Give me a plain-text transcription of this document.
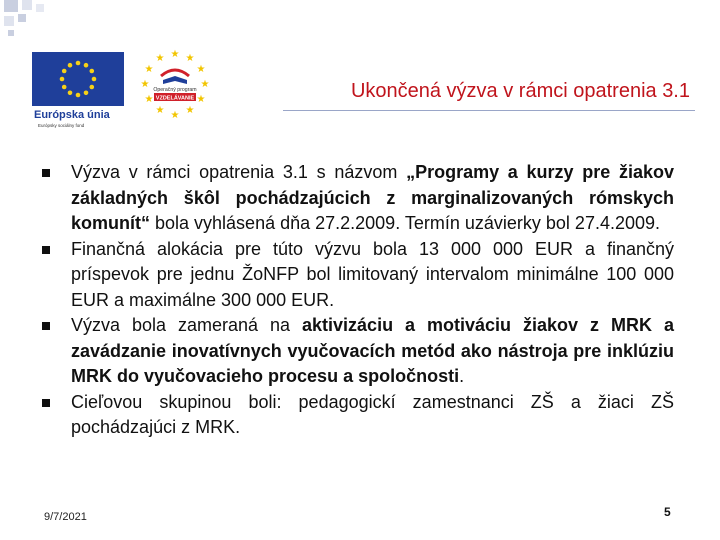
Európska únia
Európsky sociálny fond
★ ★
★
★
★
★
★
★
★
★
★
★
Operačný program
VZDELÁVANIE	Ukončená výzva v rámci opatrenia 3.1
Výzva v rámci opatrenia 3.1 s názvom „Programy a kurzy pre žiakov základných škôl pochádzajúcich z marginalizovaných rómskych komunít“ bola vyhlásená dňa 27.2.2009. Termín uzávierky bol 27.4.2009.
Finančná alokácia pre túto výzvu bola 13 000 000 EUR a finančný príspevok pre jednu ŽoNFP bol limitovaný intervalom minimálne 100 000 EUR a maximálne 300 000 EUR.
Výzva bola zameraná na aktivizáciu a motiváciu žiakov z MRK a zavádzanie inovatívnych vyučovacích metód ako nástroja pre inklúziu MRK do vyučovacieho procesu a spoločnosti.
Cieľovou skupinou boli: pedagogickí zamestnanci ZŠ a žiaci ZŠ pochádzajúci z MRK.
9/7/2021	5
